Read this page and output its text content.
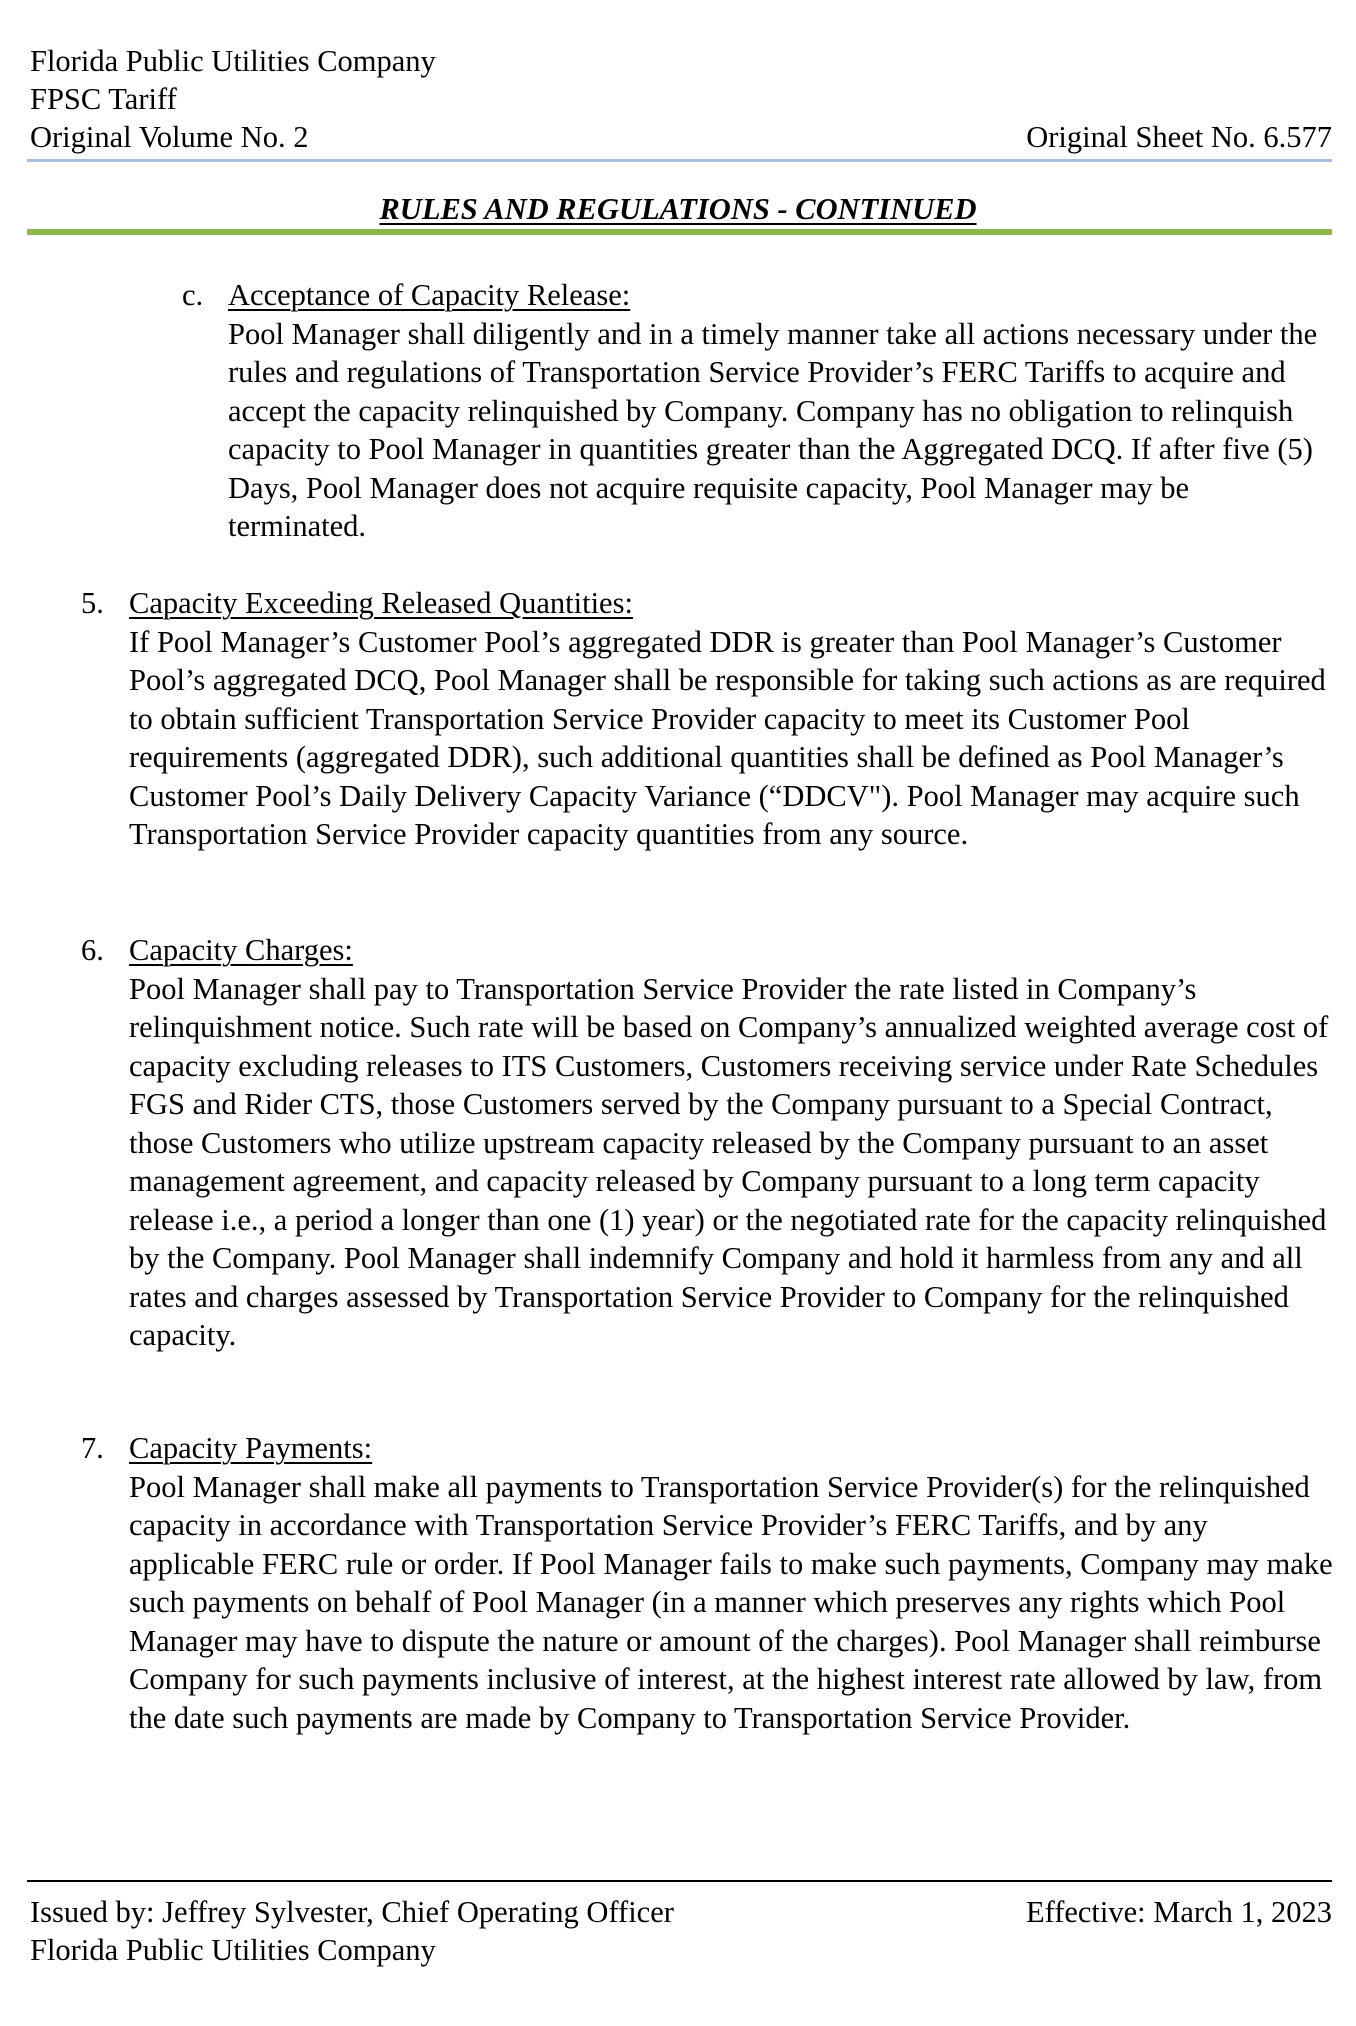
Florida Public Utilities Company
FPSC Tariff
Original Volume No. 2	Original Sheet No. 6.577
RULES AND REGULATIONS - CONTINUED
c. Acceptance of Capacity Release:

Pool Manager shall diligently and in a timely manner take all actions necessary under the rules and regulations of Transportation Service Provider’s FERC Tariffs to acquire and accept the capacity relinquished by Company. Company has no obligation to relinquish capacity to Pool Manager in quantities greater than the Aggregated DCQ. If after five (5) Days, Pool Manager does not acquire requisite capacity, Pool Manager may be terminated.

5. Capacity Exceeding Released Quantities:

If Pool Manager’s Customer Pool’s aggregated DDR is greater than Pool Manager’s Customer Pool’s aggregated DCQ, Pool Manager shall be responsible for taking such actions as are required to obtain sufficient Transportation Service Provider capacity to meet its Customer Pool requirements (aggregated DDR), such additional quantities shall be defined as Pool Manager’s Customer Pool’s Daily Delivery Capacity Variance (“DDCV"). Pool Manager may acquire such Transportation Service Provider capacity quantities from any source.

6. Capacity Charges:

Pool Manager shall pay to Transportation Service Provider the rate listed in Company’s relinquishment notice. Such rate will be based on Company’s annualized weighted average cost of capacity excluding releases to ITS Customers, Customers receiving service under Rate Schedules FGS and Rider CTS, those Customers served by the Company pursuant to a Special Contract, those Customers who utilize upstream capacity released by the Company pursuant to an asset management agreement, and capacity released by Company pursuant to a long term capacity release i.e., a period a longer than one (1) year) or the negotiated rate for the capacity relinquished by the Company. Pool Manager shall indemnify Company and hold it harmless from any and all rates and charges assessed by Transportation Service Provider to Company for the relinquished capacity.

7. Capacity Payments:

Pool Manager shall make all payments to Transportation Service Provider(s) for the relinquished capacity in accordance with Transportation Service Provider’s FERC Tariffs, and by any applicable FERC rule or order. If Pool Manager fails to make such payments, Company may make such payments on behalf of Pool Manager (in a manner which preserves any rights which Pool Manager may have to dispute the nature or amount of the charges). Pool Manager shall reimburse Company for such payments inclusive of interest, at the highest interest rate allowed by law, from the date such payments are made by Company to Transportation Service Provider.

Issued by: Jeffrey Sylvester, Chief Operating Officer	Effective: March 1, 2023
Florida Public Utilities Company
